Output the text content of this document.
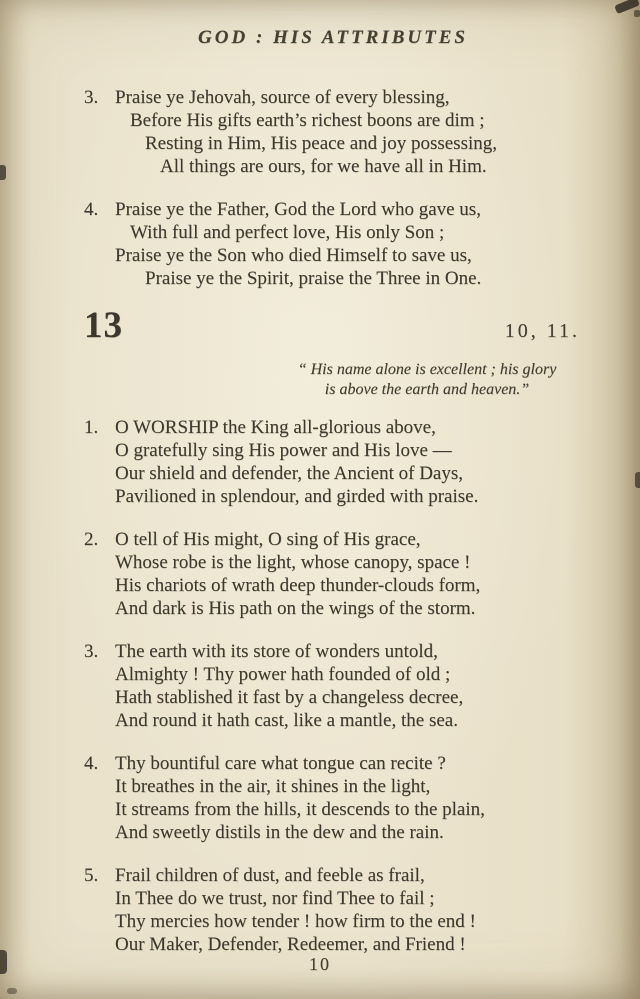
GOD : HIS ATTRIBUTES
3. Praise ye Jehovah, source of every blessing,
Before His gifts earth’s richest boons are dim ;
Resting in Him, His peace and joy possessing,
All things are ours, for we have all in Him.
4. Praise ye the Father, God the Lord who gave us,
With full and perfect love, His only Son ;
Praise ye the Son who died Himself to save us,
Praise ye the Spirit, praise the Three in One.
13	10, 11.
“ His name alone is excellent ; his glory
is above the earth and heaven.”
1. O WORSHIP the King all-glorious above,
O gratefully sing His power and His love —
Our shield and defender, the Ancient of Days,
Pavilioned in splendour, and girded with praise.
2. O tell of His might, O sing of His grace,
Whose robe is the light, whose canopy, space !
His chariots of wrath deep thunder-clouds form,
And dark is His path on the wings of the storm.
3. The earth with its store of wonders untold,
Almighty ! Thy power hath founded of old ;
Hath stablished it fast by a changeless decree,
And round it hath cast, like a mantle, the sea.
4. Thy bountiful care what tongue can recite ?
It breathes in the air, it shines in the light,
It streams from the hills, it descends to the plain,
And sweetly distils in the dew and the rain.
5. Frail children of dust, and feeble as frail,
In Thee do we trust, nor find Thee to fail ;
Thy mercies how tender ! how firm to the end !
Our Maker, Defender, Redeemer, and Friend !
10
